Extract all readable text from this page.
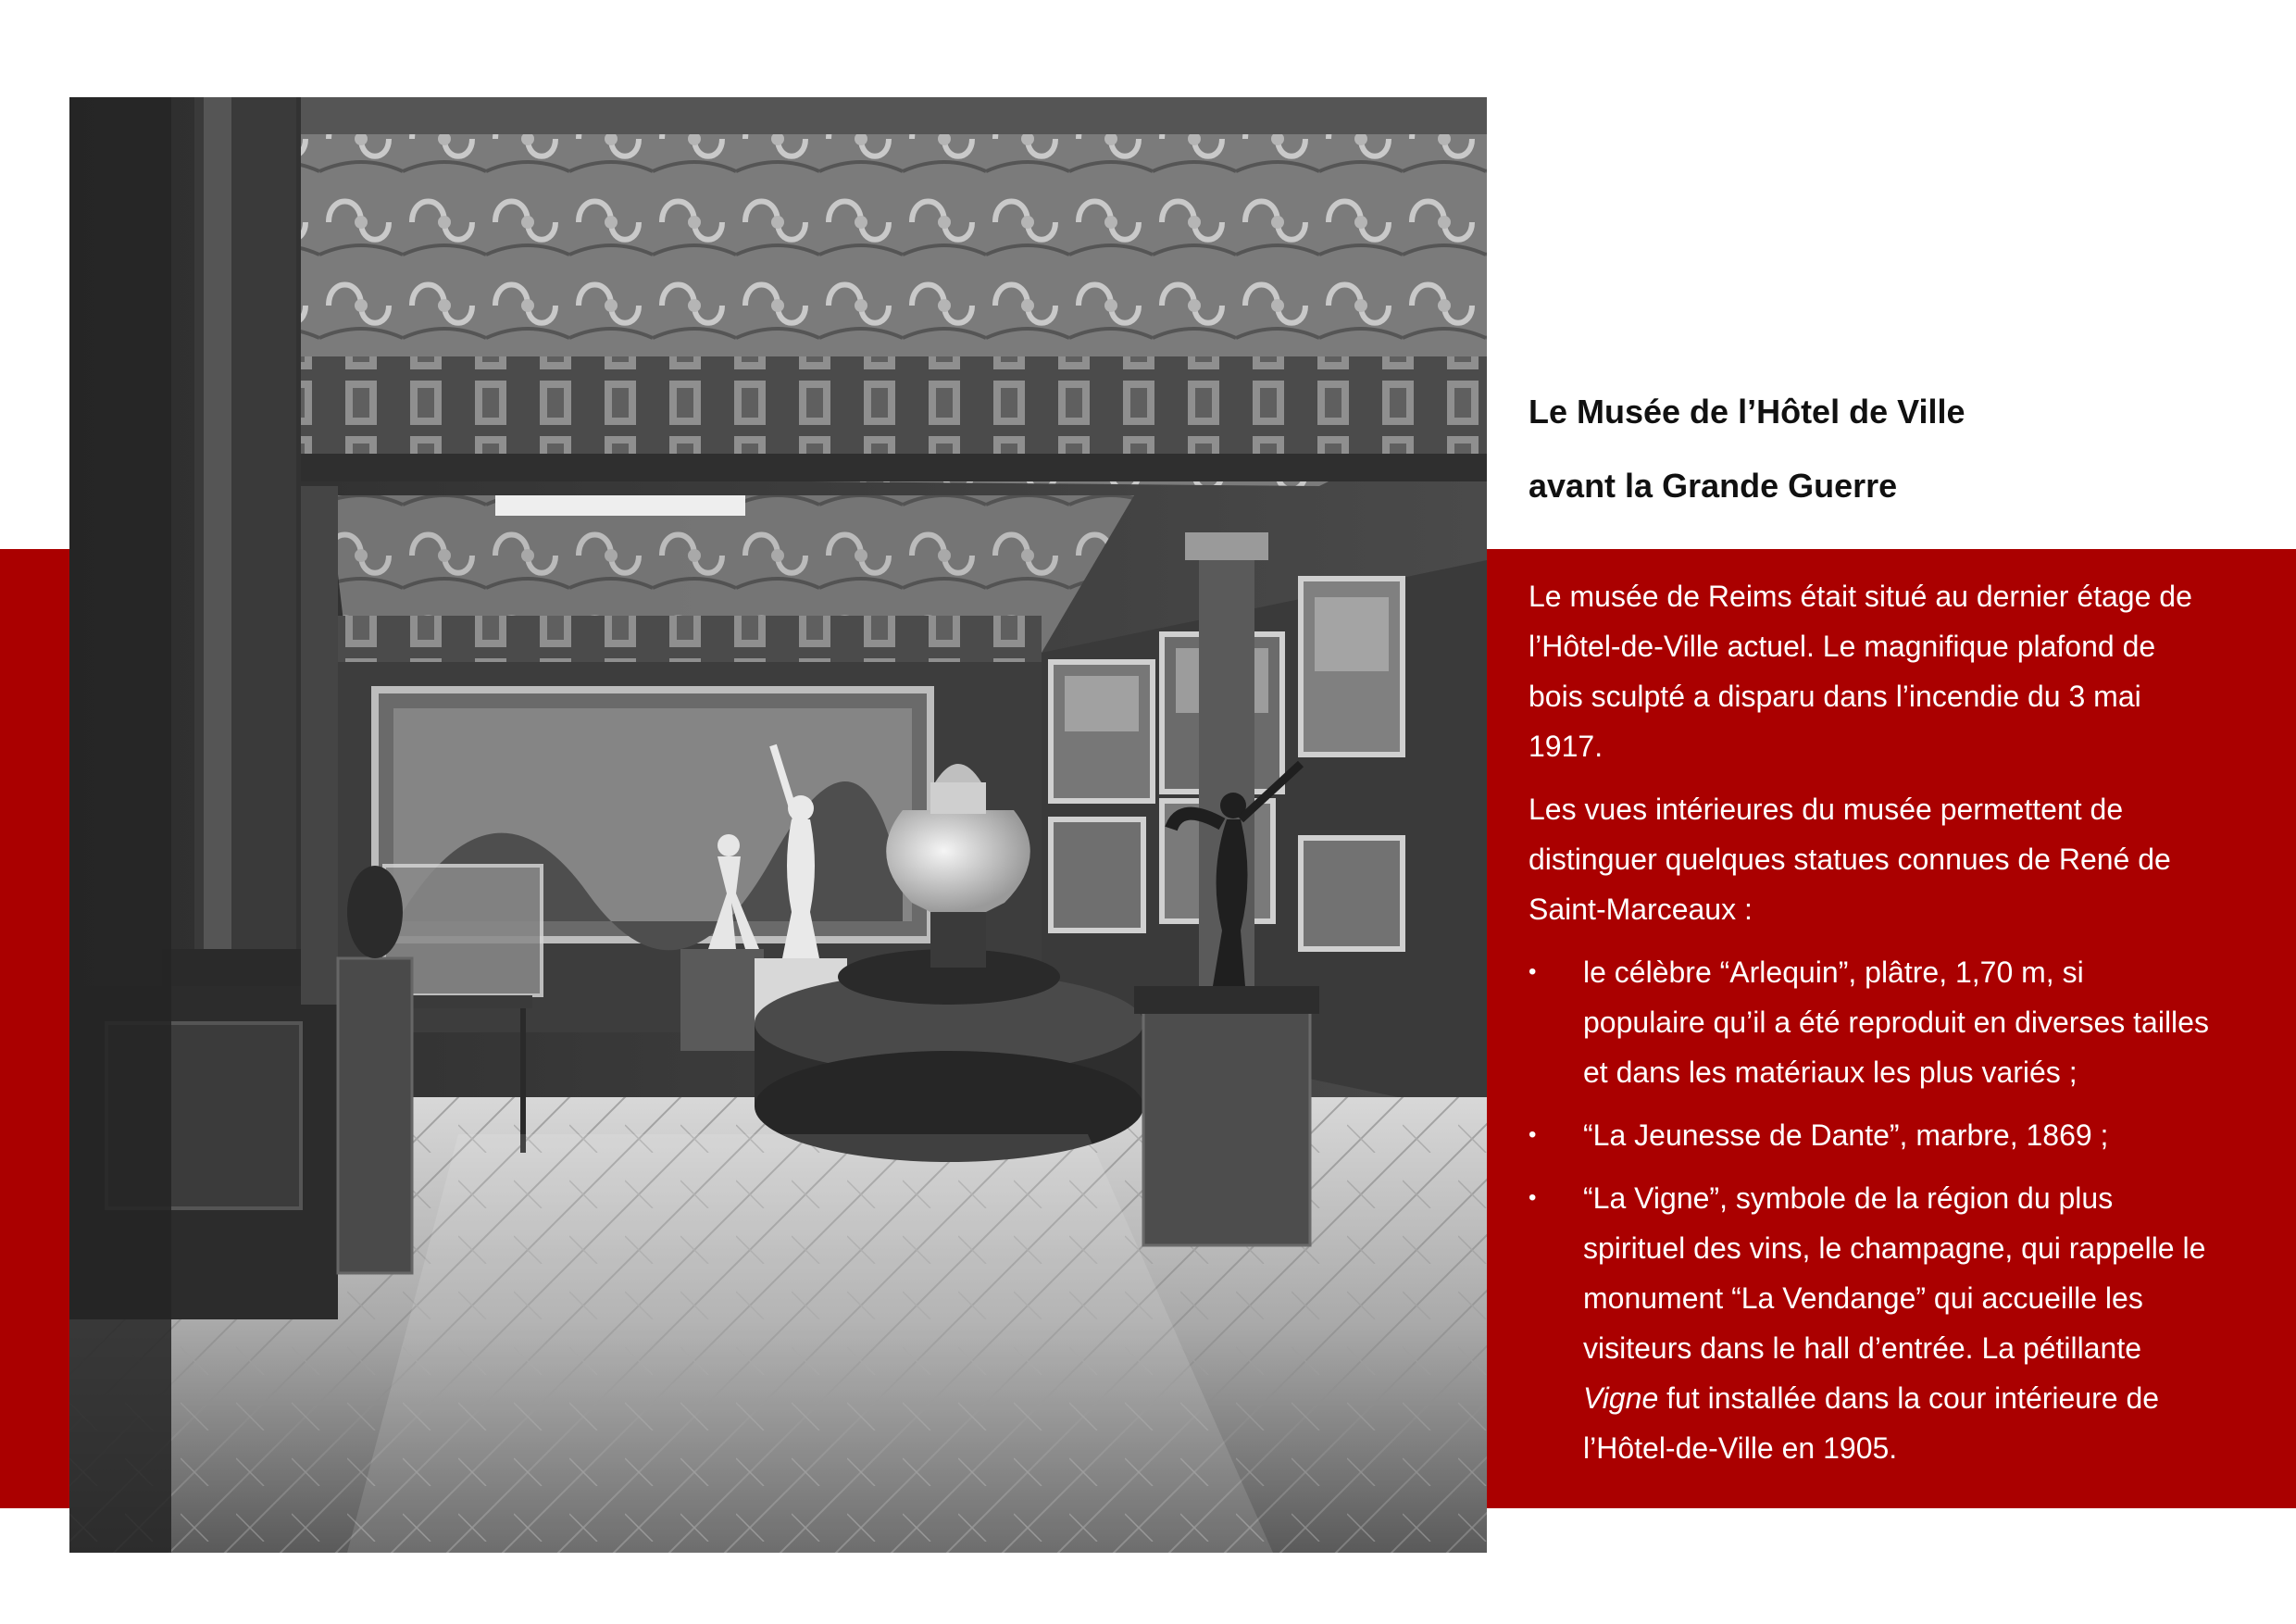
Le Musée de l’Hôtel de Ville
avant la Grande Guerre

Le musée de Reims était situé au dernier étage de l’Hôtel-de-Ville actuel. Le magnifique plafond de bois sculpté a disparu dans l’incendie du 3 mai 1917.

Les vues intérieures du musée permettent de distinguer quelques statues connues de René de Saint-Marceaux :

• le célèbre “Arlequin”, plâtre, 1,70 m, si populaire qu’il a été reproduit en diverses tailles et dans les matériaux les plus variés ;
• “La Jeunesse de Dante”, marbre, 1869 ;
• “La Vigne”, symbole de la région du plus spirituel des vins, le champagne, qui rappelle le monument “La Vendange” qui accueille les visiteurs dans le hall d’entrée. La pétillante Vigne fut installée dans la cour intérieure de l’Hôtel-de-Ville en 1905.
